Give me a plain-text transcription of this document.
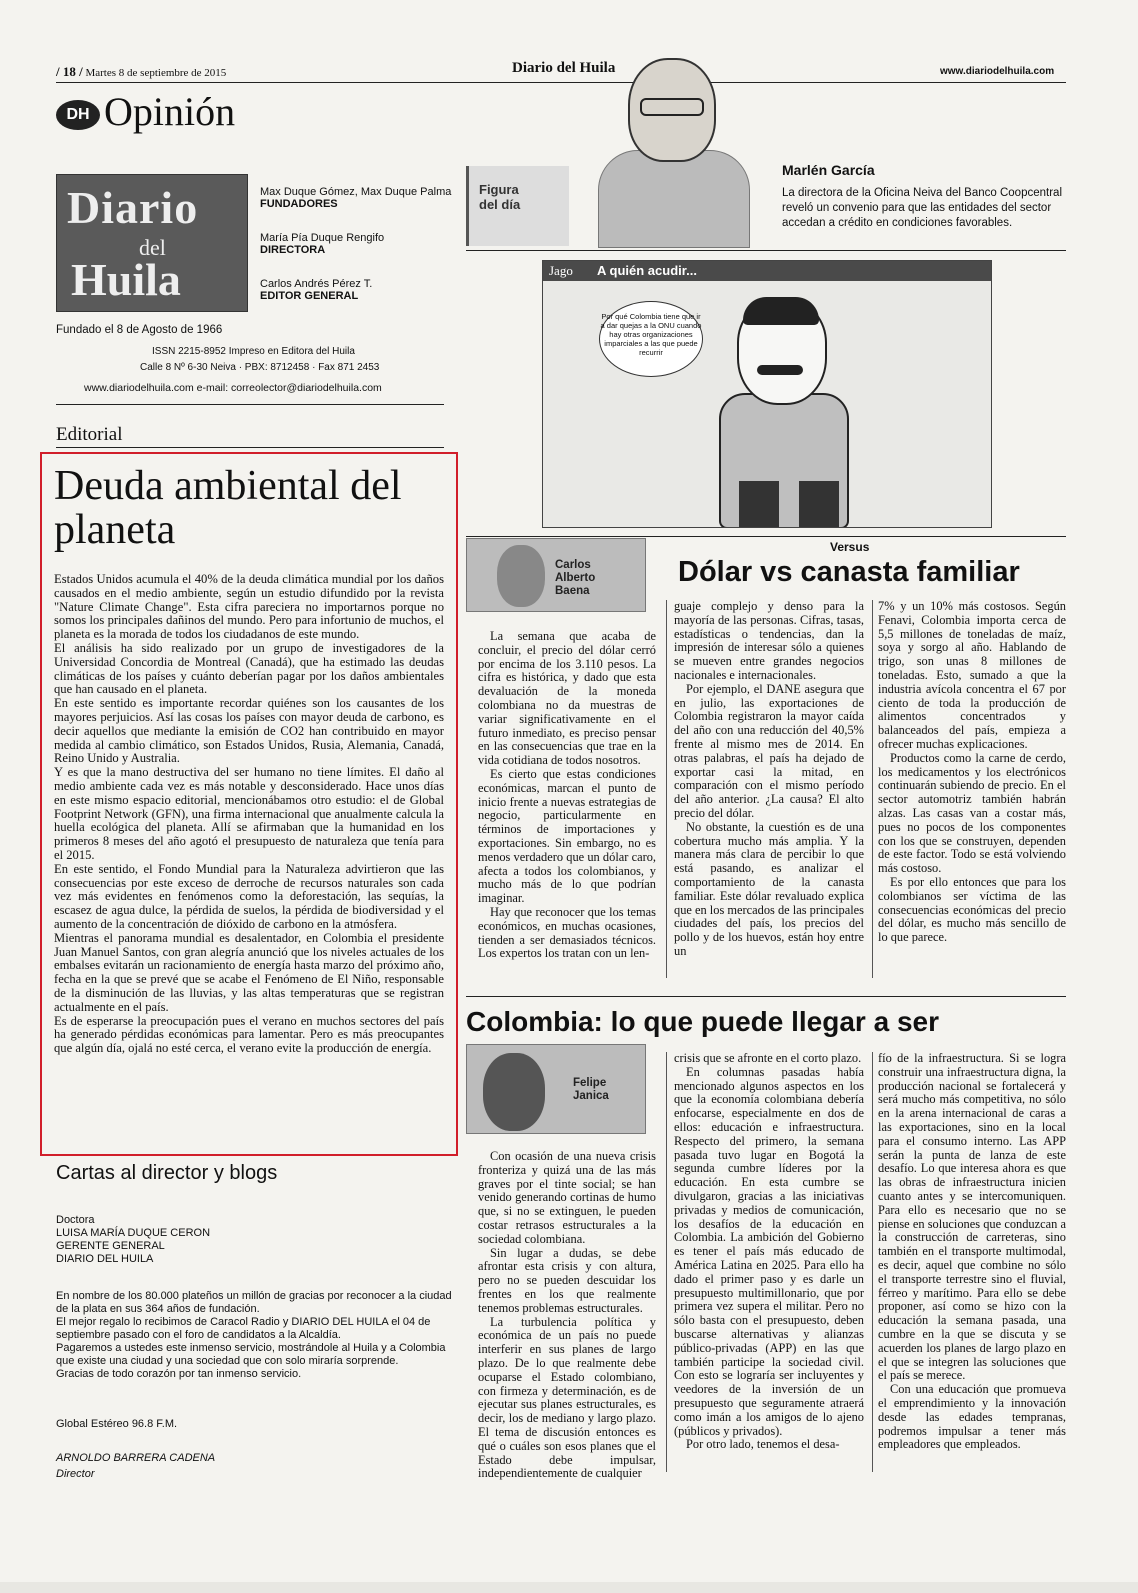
/ 18 / Martes 8 de septiembre de 2015	Diario del Huila	www.diariodelhuila.com
DH Opinión
Diario
del
Huila
Max Duque Gómez, Max Duque Palma
FUNDADORES
María Pía Duque Rengifo
DIRECTORA
Carlos Andrés Pérez T.
EDITOR GENERAL
Fundado el 8 de Agosto de 1966
ISSN 2215-8952 Impreso en Editora del Huila
Calle 8 Nº 6-30 Neiva · PBX: 8712458 · Fax 871 2453
www.diariodelhuila.com e-mail: correolector@diariodelhuila.com
Figura
del día
Marlén García
La directora de la Oficina Neiva del Banco Coopcentral reveló un convenio para que las entidades del sector accedan a crédito en condiciones favorables.
Jago A quién acudir...
Por qué Colombia tiene que ir a dar quejas a la ONU cuando hay otras organizaciones imparciales a las que puede recurrir
Editorial
Deuda ambiental del planeta

Estados Unidos acumula el 40% de la deuda climática mundial por los daños causados en el medio ambiente, según un estudio difundido por la revista "Nature Climate Change". Esta cifra pareciera no importarnos porque no somos los principales dañinos del mundo. Pero para infortunio de muchos, el planeta es la morada de todos los ciudadanos de este mundo.

El análisis ha sido realizado por un grupo de investigadores de la Universidad Concordia de Montreal (Canadá), que ha estimado las deudas climáticas de los países y cuánto deberían pagar por los daños ambientales que han causado en el planeta.

En este sentido es importante recordar quiénes son los causantes de los mayores perjuicios. Así las cosas los países con mayor deuda de carbono, es decir aquellos que mediante la emisión de CO2 han contribuido en mayor medida al cambio climático, son Estados Unidos, Rusia, Alemania, Canadá, Reino Unido y Australia.

Y es que la mano destructiva del ser humano no tiene límites. El daño al medio ambiente cada vez es más notable y desconsiderado. Hace unos días en este mismo espacio editorial, mencionábamos otro estudio: el de Global Footprint Network (GFN), una firma internacional que anualmente calcula la huella ecológica del planeta. Allí se afirmaban que la humanidad en los primeros 8 meses del año agotó el presupuesto de naturaleza que tenía para el 2015.

En este sentido, el Fondo Mundial para la Naturaleza advirtieron que las consecuencias por este exceso de derroche de recursos naturales son cada vez más evidentes en fenómenos como la deforestación, las sequías, la escasez de agua dulce, la pérdida de suelos, la pérdida de biodiversidad y el aumento de la concentración de dióxido de carbono en la atmósfera.

Mientras el panorama mundial es desalentador, en Colombia el presidente Juan Manuel Santos, con gran alegría anunció que los niveles actuales de los embalses evitarán un racionamiento de energía hasta marzo del próximo año, fecha en la que se prevé que se acabe el Fenómeno de El Niño, responsable de la disminución de las lluvias, y las altas temperaturas que se registran actualmente en el país.

Es de esperarse la preocupación pues el verano en muchos sectores del país ha generado pérdidas económicas para lamentar. Pero es más preocupantes que algún día, ojalá no esté cerca, el verano evite la producción de energía.

Cartas al director y blogs
Doctora
LUISA MARÍA DUQUE CERON
GERENTE GENERAL
DIARIO DEL HUILA

En nombre de los 80.000 plateños un millón de gracias por reconocer a la ciudad de la plata en sus 364 años de fundación.

El mejor regalo lo recibimos de Caracol Radio y DIARIO DEL HUILA el 04 de septiembre pasado con el foro de candidatos a la Alcaldía.

Pagaremos a ustedes este inmenso servicio, mostrándole al Huila y a Colombia que existe una ciudad y una sociedad que con solo miraría sorprende.

Gracias de todo corazón por tan inmenso servicio.

Global Estéreo 96.8 F.M.
ARNOLDO BARRERA CADENA
Director
Carlos
Alberto
Baena
Versus
Dólar vs canasta familiar

La semana que acaba de concluir, el precio del dólar cerró por encima de los 3.110 pesos. La cifra es histórica, y dado que esta devaluación de la moneda colombiana no da muestras de variar significativamente en el futuro inmediato, es preciso pensar en las consecuencias que trae en la vida cotidiana de todos nosotros.

Es cierto que estas condiciones económicas, marcan el punto de inicio frente a nuevas estrategias de negocio, particularmente en términos de importaciones y exportaciones. Sin embargo, no es menos verdadero que un dólar caro, afecta a todos los colombianos, y mucho más de lo que podrían imaginar.

Hay que reconocer que los temas económicos, en muchas ocasiones, tienden a ser demasiados técnicos. Los expertos los tratan con un len-

guaje complejo y denso para la mayoría de las personas. Cifras, tasas, estadísticas o tendencias, dan la impresión de interesar sólo a quienes se mueven entre grandes negocios nacionales e internacionales.

Por ejemplo, el DANE asegura que en julio, las exportaciones de Colombia registraron la mayor caída del año con una reducción del 40,5% frente al mismo mes de 2014. En otras palabras, el país ha dejado de exportar casi la mitad, en comparación con el mismo período del año anterior. ¿La causa? El alto precio del dólar.

No obstante, la cuestión es de una cobertura mucho más amplia. Y la manera más clara de percibir lo que está pasando, es analizar el comportamiento de la canasta familiar. Este dólar revaluado explica que en los mercados de las principales ciudades del país, los precios del pollo y de los huevos, están hoy entre un

7% y un 10% más costosos. Según Fenavi, Colombia importa cerca de 5,5 millones de toneladas de maíz, soya y sorgo al año. Hablando de trigo, son unas 8 millones de toneladas. Esto, sumado a que la industria avícola concentra el 67 por ciento de toda la producción de alimentos concentrados y balanceados del país, empieza a ofrecer muchas explicaciones.

Productos como la carne de cerdo, los medicamentos y los electrónicos continuarán subiendo de precio. En el sector automotriz también habrán alzas. Las casas van a costar más, pues no pocos de los componentes con los que se construyen, dependen de este factor. Todo se está volviendo más costoso.

Es por ello entonces que para los colombianos ser víctima de las consecuencias económicas del precio del dólar, es mucho más sencillo de lo que parece.

Colombia: lo que puede llegar a ser
Felipe
Janica

Con ocasión de una nueva crisis fronteriza y quizá una de las más graves por el tinte social; se han venido generando cortinas de humo que, si no se extinguen, le pueden costar retrasos estructurales a la sociedad colombiana.

Sin lugar a dudas, se debe afrontar esta crisis y con altura, pero no se pueden descuidar los frentes en los que realmente tenemos problemas estructurales.

La turbulencia política y económica de un país no puede interferir en sus planes de largo plazo. De lo que realmente debe ocuparse el Estado colombiano, con firmeza y determinación, es de ejecutar sus planes estructurales, es decir, los de mediano y largo plazo. El tema de discusión entonces es qué o cuáles son esos planes que el Estado debe impulsar, independientemente de cualquier

crisis que se afronte en el corto plazo.

En columnas pasadas había mencionado algunos aspectos en los que la economía colombiana debería enfocarse, especialmente en dos de ellos: educación e infraestructura. Respecto del primero, la semana pasada tuvo lugar en Bogotá la segunda cumbre líderes por la educación. En esta cumbre se divulgaron, gracias a las iniciativas privadas y medios de comunicación, los desafíos de la educación en Colombia. La ambición del Gobierno es tener el país más educado de América Latina en 2025. Para ello ha dado el primer paso y es darle un presupuesto multimillonario, que por primera vez supera el militar. Pero no sólo basta con el presupuesto, deben buscarse alternativas y alianzas público-privadas (APP) en las que también participe la sociedad civil. Con esto se lograría ser incluyentes y veedores de la inversión de un presupuesto que seguramente atraerá como imán a los amigos de lo ajeno (públicos y privados).

Por otro lado, tenemos el desa-

fío de la infraestructura. Si se logra construir una infraestructura digna, la producción nacional se fortalecerá y será mucho más competitiva, no sólo en la arena internacional de caras a las exportaciones, sino en la local para el consumo interno. Las APP serán la punta de lanza de este desafío. Lo que interesa ahora es que las obras de infraestructura inicien cuanto antes y se intercomuniquen. Para ello es necesario que no se piense en soluciones que conduzcan a la construcción de carreteras, sino también en el transporte multimodal, es decir, aquel que combine no sólo el transporte terrestre sino el fluvial, férreo y marítimo. Para ello se debe proponer, así como se hizo con la educación la semana pasada, una cumbre en la que se discuta y se acuerden los planes de largo plazo en el que se integren las soluciones que el país se merece.

Con una educación que promueva el emprendimiento y la innovación desde las edades tempranas, podremos impulsar a tener más empleadores que empleados.
